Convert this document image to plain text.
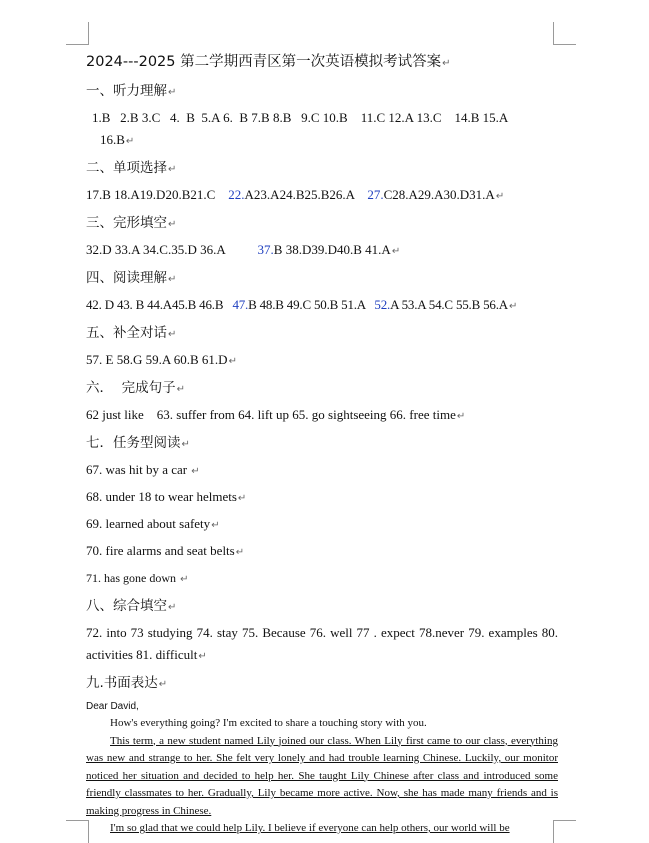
2024---2025 第二学期西青区第一次英语模拟考试答案↵
一、听力理解↵
1.B   2.B 3.C   4.  B  5.A 6.  B 7.B 8.B   9.C 10.B    11.C 12.A 13.C    14.B 15.A
16.B↵
二、单项选择↵
17.B 18.A19.D20.B21.C 22.A23.A24.B25.B26.A 27.C28.A29.A30.D31.A↵
三、完形填空↵
32.D 33.A 34.C.35.D 36.A	37.B 38.D39.D40.B 41.A↵
四、阅读理解↵
42. D 43. B 44.A45.B 46.B 47.B 48.B 49.C 50.B 51.A 52.A 53.A 54.C 55.B 56.A↵
五、补全对话↵
57. E 58.G 59.A 60.B 61.D↵
六．  完成句子↵
62 just like    63. suffer from 64. lift up 65. go sightseeing 66. free time↵
七．任务型阅读↵
67. was hit by a car ↵
68. under 18 to wear helmets↵
69. learned about safety↵
70. fire alarms and seat belts↵
71. has gone down ↵
八、综合填空↵
72. into 73 studying 74. stay 75. Because 76. well 77 . expect 78.never 79. examples 80. activities 81. difficult↵
九.书面表达↵
Dear David,

How's everything going? I'm excited to share a touching story with you.

This term, a new student named Lily joined our class. When Lily first came to our class, everything was new and strange to her. She felt very lonely and had trouble learning Chinese. Luckily, our monitor noticed her situation and decided to help her. She taught Lily Chinese after class and introduced some friendly classmates to her. Gradually, Lily became more active. Now, she has made many friends and is making progress in Chinese.

I'm so glad that we could help Lily. I believe if everyone can help others, our world will be
